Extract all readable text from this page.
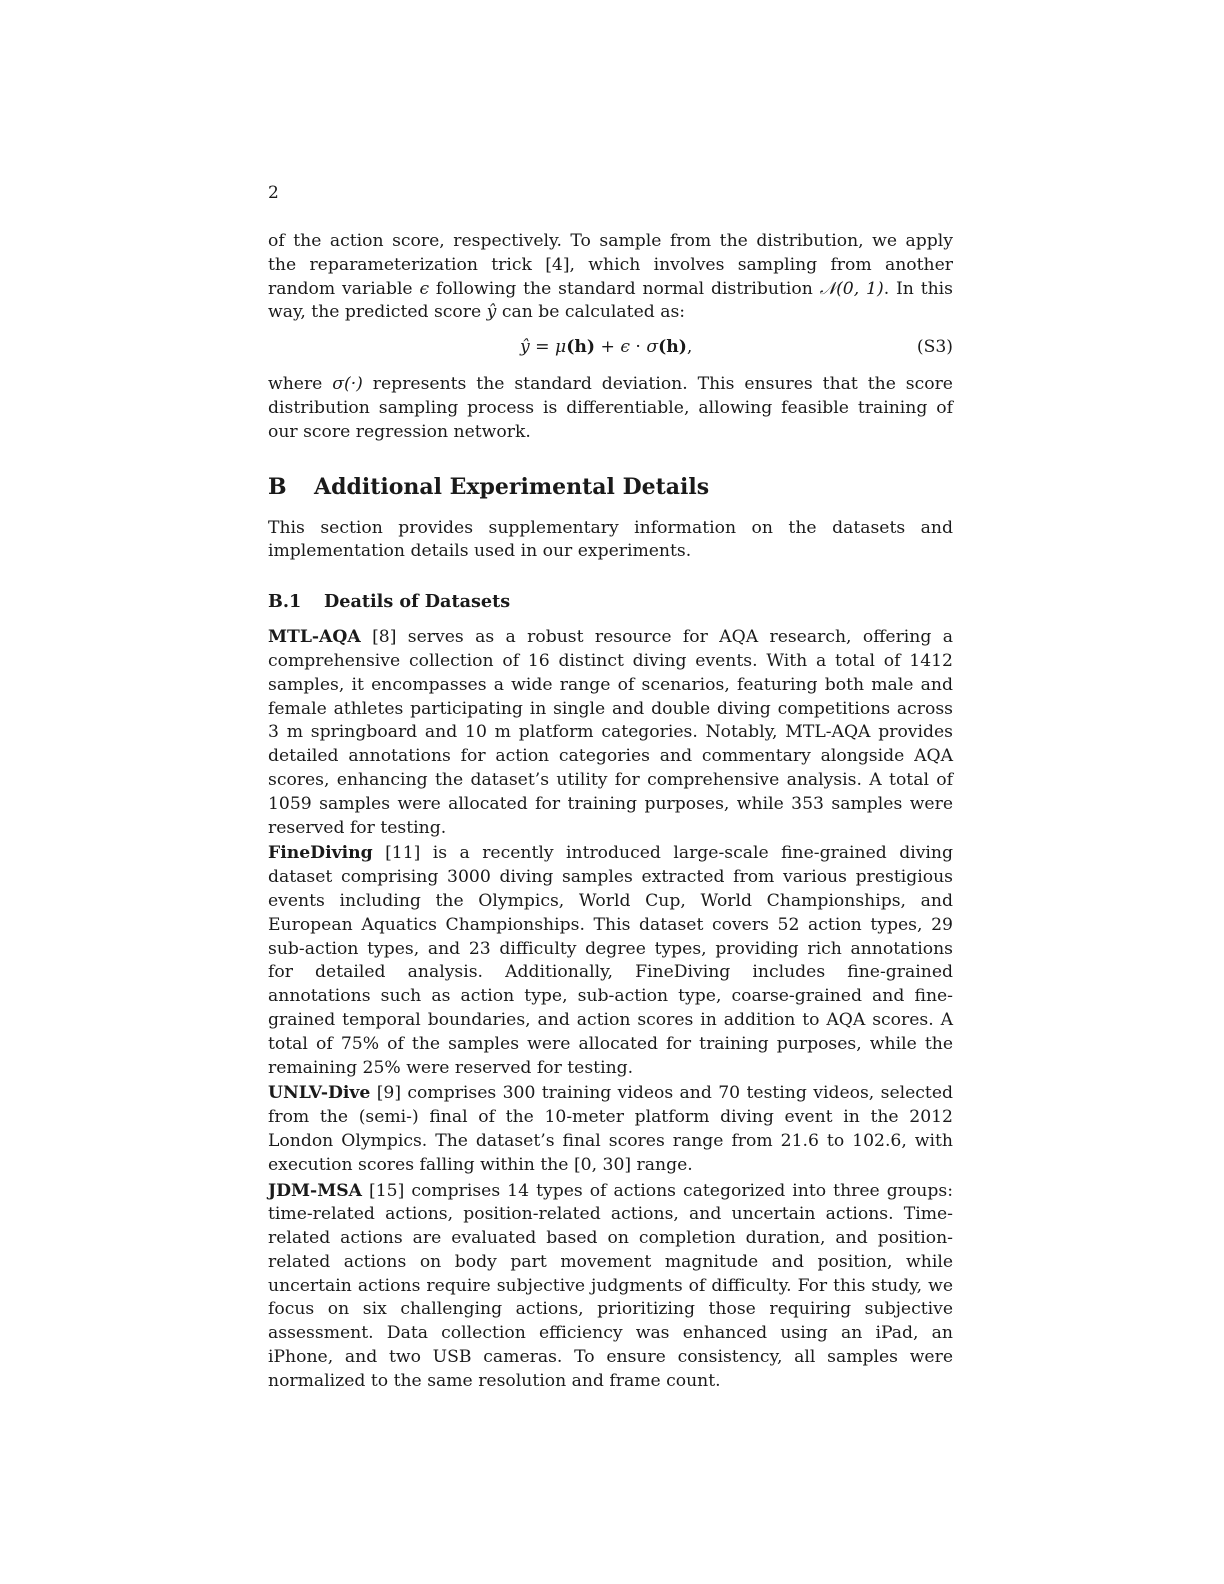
2

of the action score, respectively. To sample from the distribution, we apply the reparameterization trick [4], which involves sampling from another random variable ϵ following the standard normal distribution 𝒩(0, 1). In this way, the predicted score ŷ can be calculated as:

ŷ = μ(h) + ϵ · σ(h),	(S3)

where σ(·) represents the standard deviation. This ensures that the score distribution sampling process is differentiable, allowing feasible training of our score regression network.

B	Additional Experimental Details

This section provides supplementary information on the datasets and implementation details used in our experiments.

B.1	Deatils of Datasets

MTL-AQA [8] serves as a robust resource for AQA research, offering a comprehensive collection of 16 distinct diving events. With a total of 1412 samples, it encompasses a wide range of scenarios, featuring both male and female athletes participating in single and double diving competitions across 3 m springboard and 10 m platform categories. Notably, MTL-AQA provides detailed annotations for action categories and commentary alongside AQA scores, enhancing the dataset’s utility for comprehensive analysis. A total of 1059 samples were allocated for training purposes, while 353 samples were reserved for testing.

FineDiving [11] is a recently introduced large-scale fine-grained diving dataset comprising 3000 diving samples extracted from various prestigious events including the Olympics, World Cup, World Championships, and European Aquatics Championships. This dataset covers 52 action types, 29 sub-action types, and 23 difficulty degree types, providing rich annotations for detailed analysis. Additionally, FineDiving includes fine-grained annotations such as action type, sub-action type, coarse-grained and fine-grained temporal boundaries, and action scores in addition to AQA scores. A total of 75% of the samples were allocated for training purposes, while the remaining 25% were reserved for testing.

UNLV-Dive [9] comprises 300 training videos and 70 testing videos, selected from the (semi-) final of the 10-meter platform diving event in the 2012 London Olympics. The dataset’s final scores range from 21.6 to 102.6, with execution scores falling within the [0, 30] range.

JDM-MSA [15] comprises 14 types of actions categorized into three groups: time-related actions, position-related actions, and uncertain actions. Time-related actions are evaluated based on completion duration, and position-related actions on body part movement magnitude and position, while uncertain actions require subjective judgments of difficulty. For this study, we focus on six challenging actions, prioritizing those requiring subjective assessment. Data collection efficiency was enhanced using an iPad, an iPhone, and two USB cameras. To ensure consistency, all samples were normalized to the same resolution and frame count.
